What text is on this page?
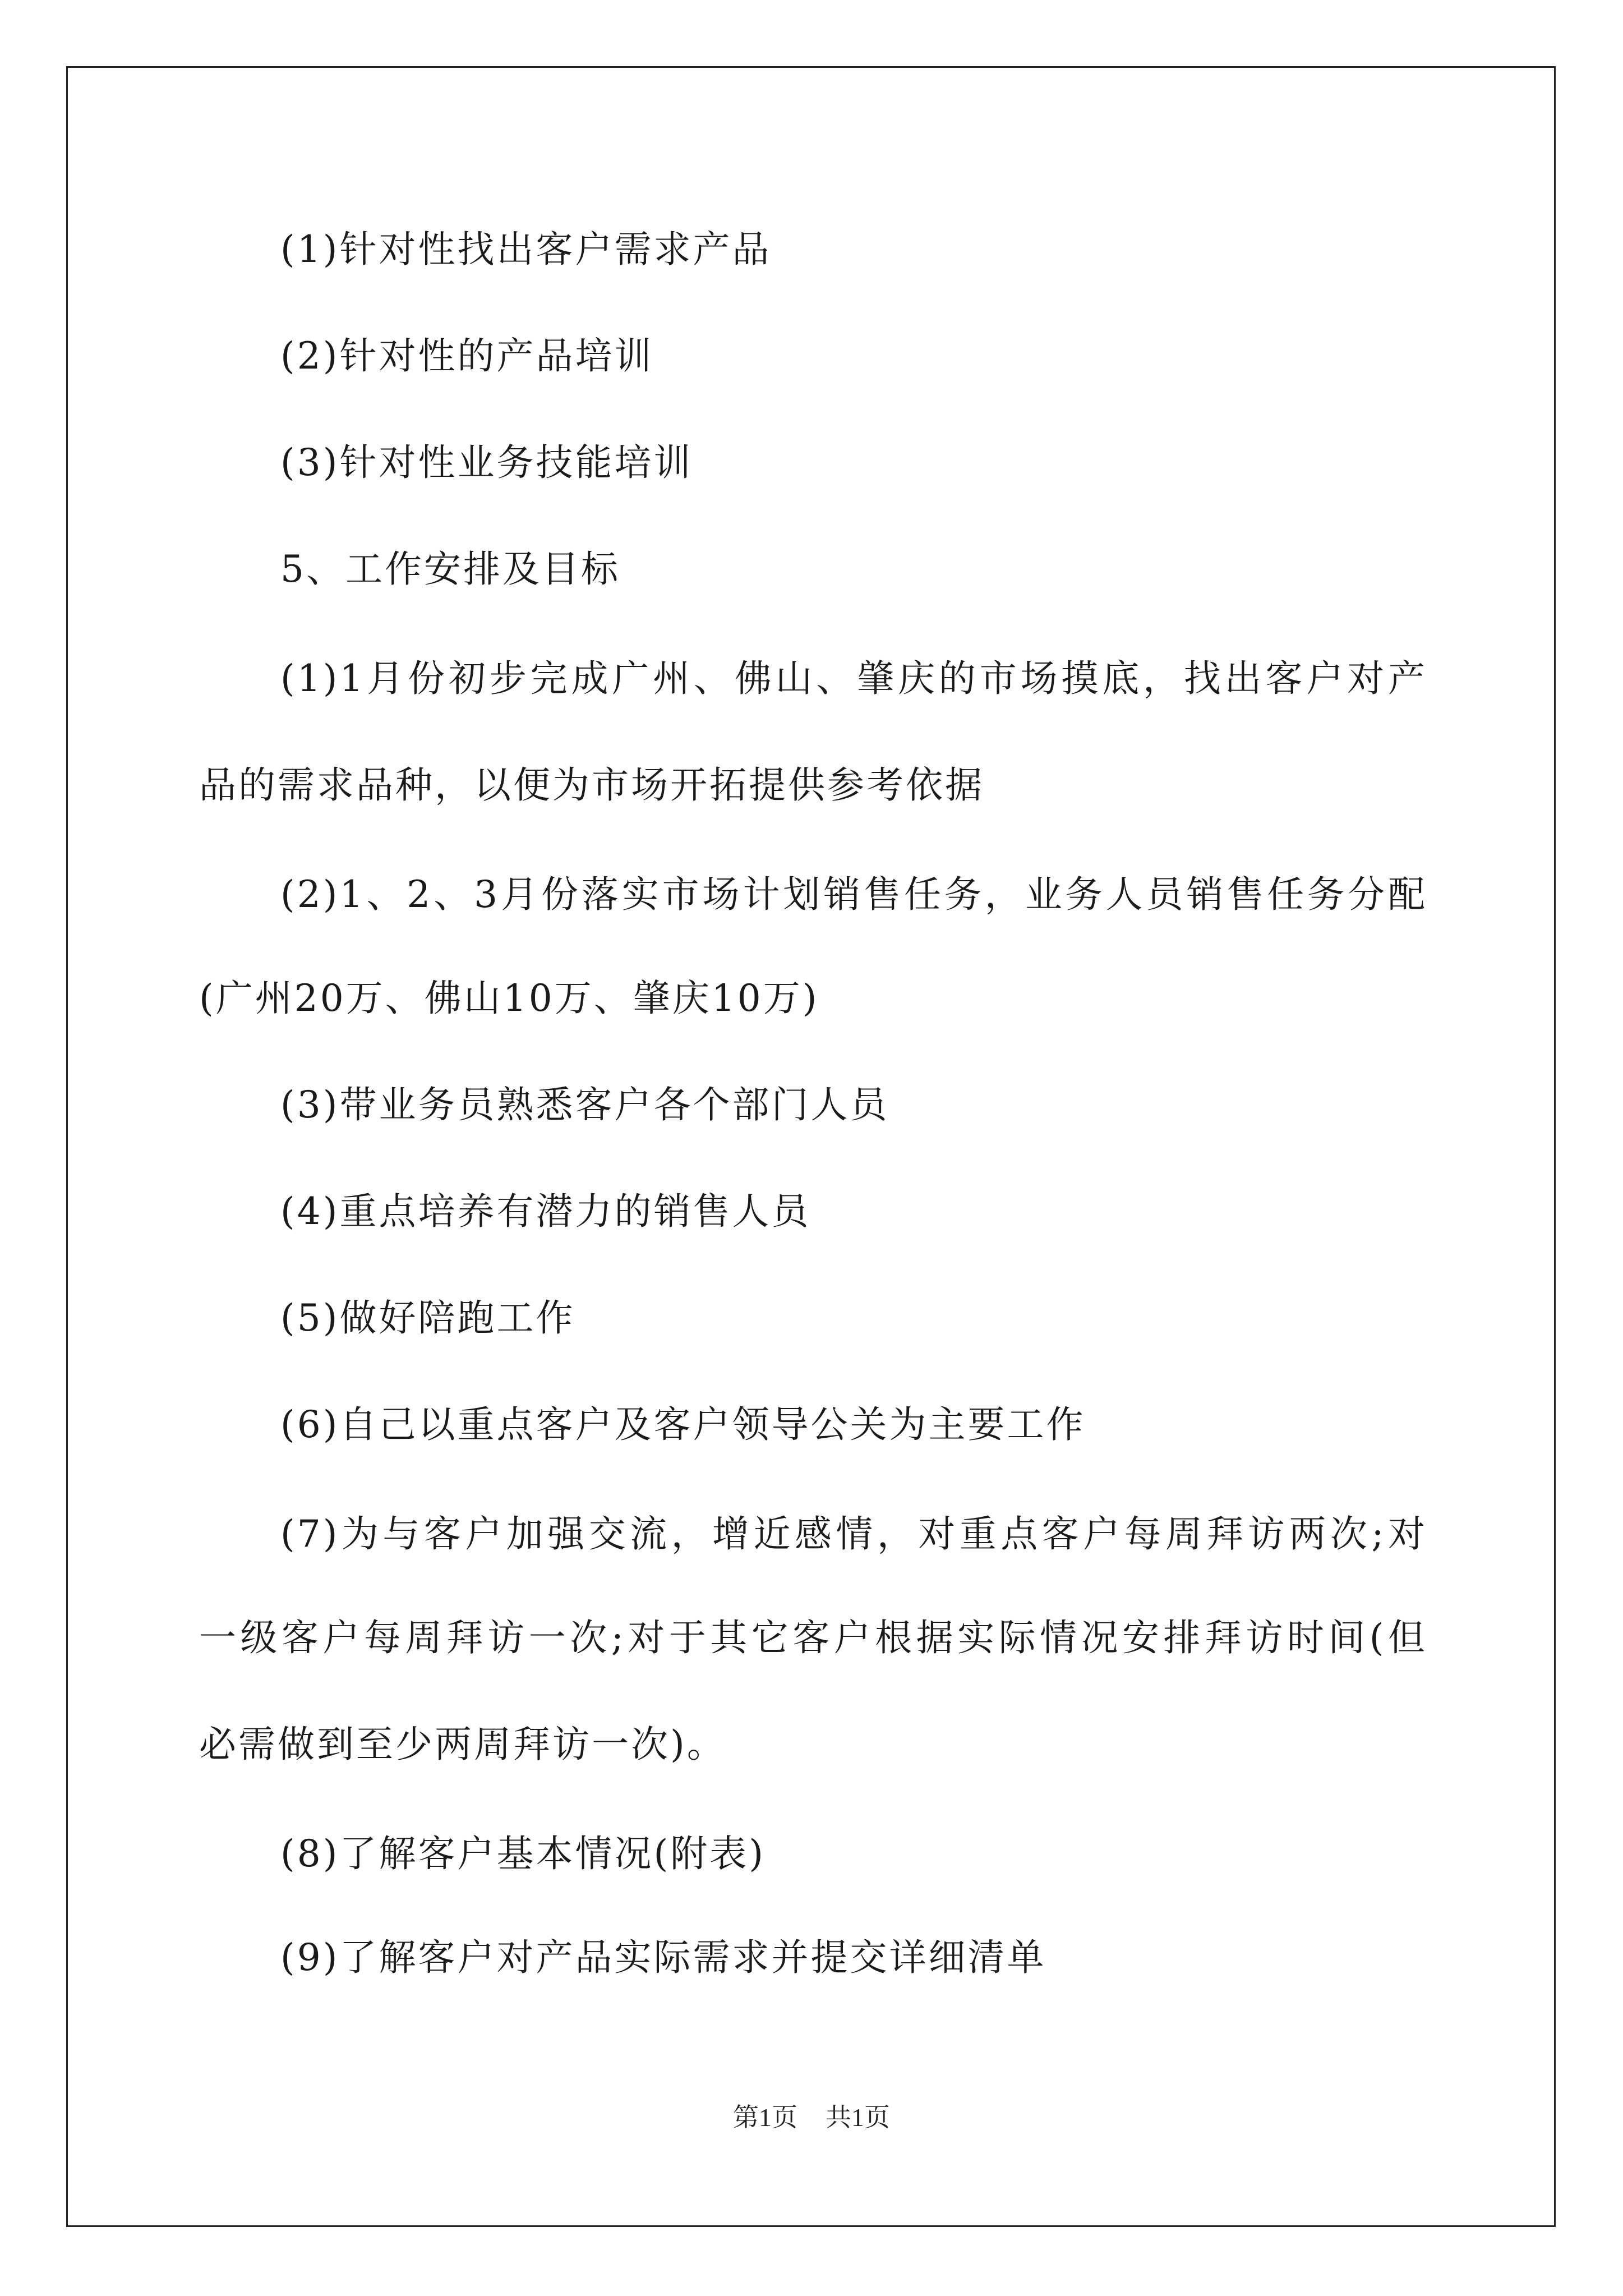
(1)针对性找出客户需求产品
(2)针对性的产品培训
(3)针对性业务技能培训
5、工作安排及目标
(1)1月份初步完成广州、佛山、肇庆的市场摸底，找出客户对产
品的需求品种，以便为市场开拓提供参考依据
(2)1、2、3月份落实市场计划销售任务，业务人员销售任务分配
(广州20万、佛山10万、肇庆10万)
(3)带业务员熟悉客户各个部门人员
(4)重点培养有潜力的销售人员
(5)做好陪跑工作
(6)自己以重点客户及客户领导公关为主要工作
(7)为与客户加强交流，增近感情，对重点客户每周拜访两次;对
一级客户每周拜访一次;对于其它客户根据实际情况安排拜访时间(但
必需做到至少两周拜访一次)。
(8)了解客户基本情况(附表)
(9)了解客户对产品实际需求并提交详细清单
第1页 共1页
